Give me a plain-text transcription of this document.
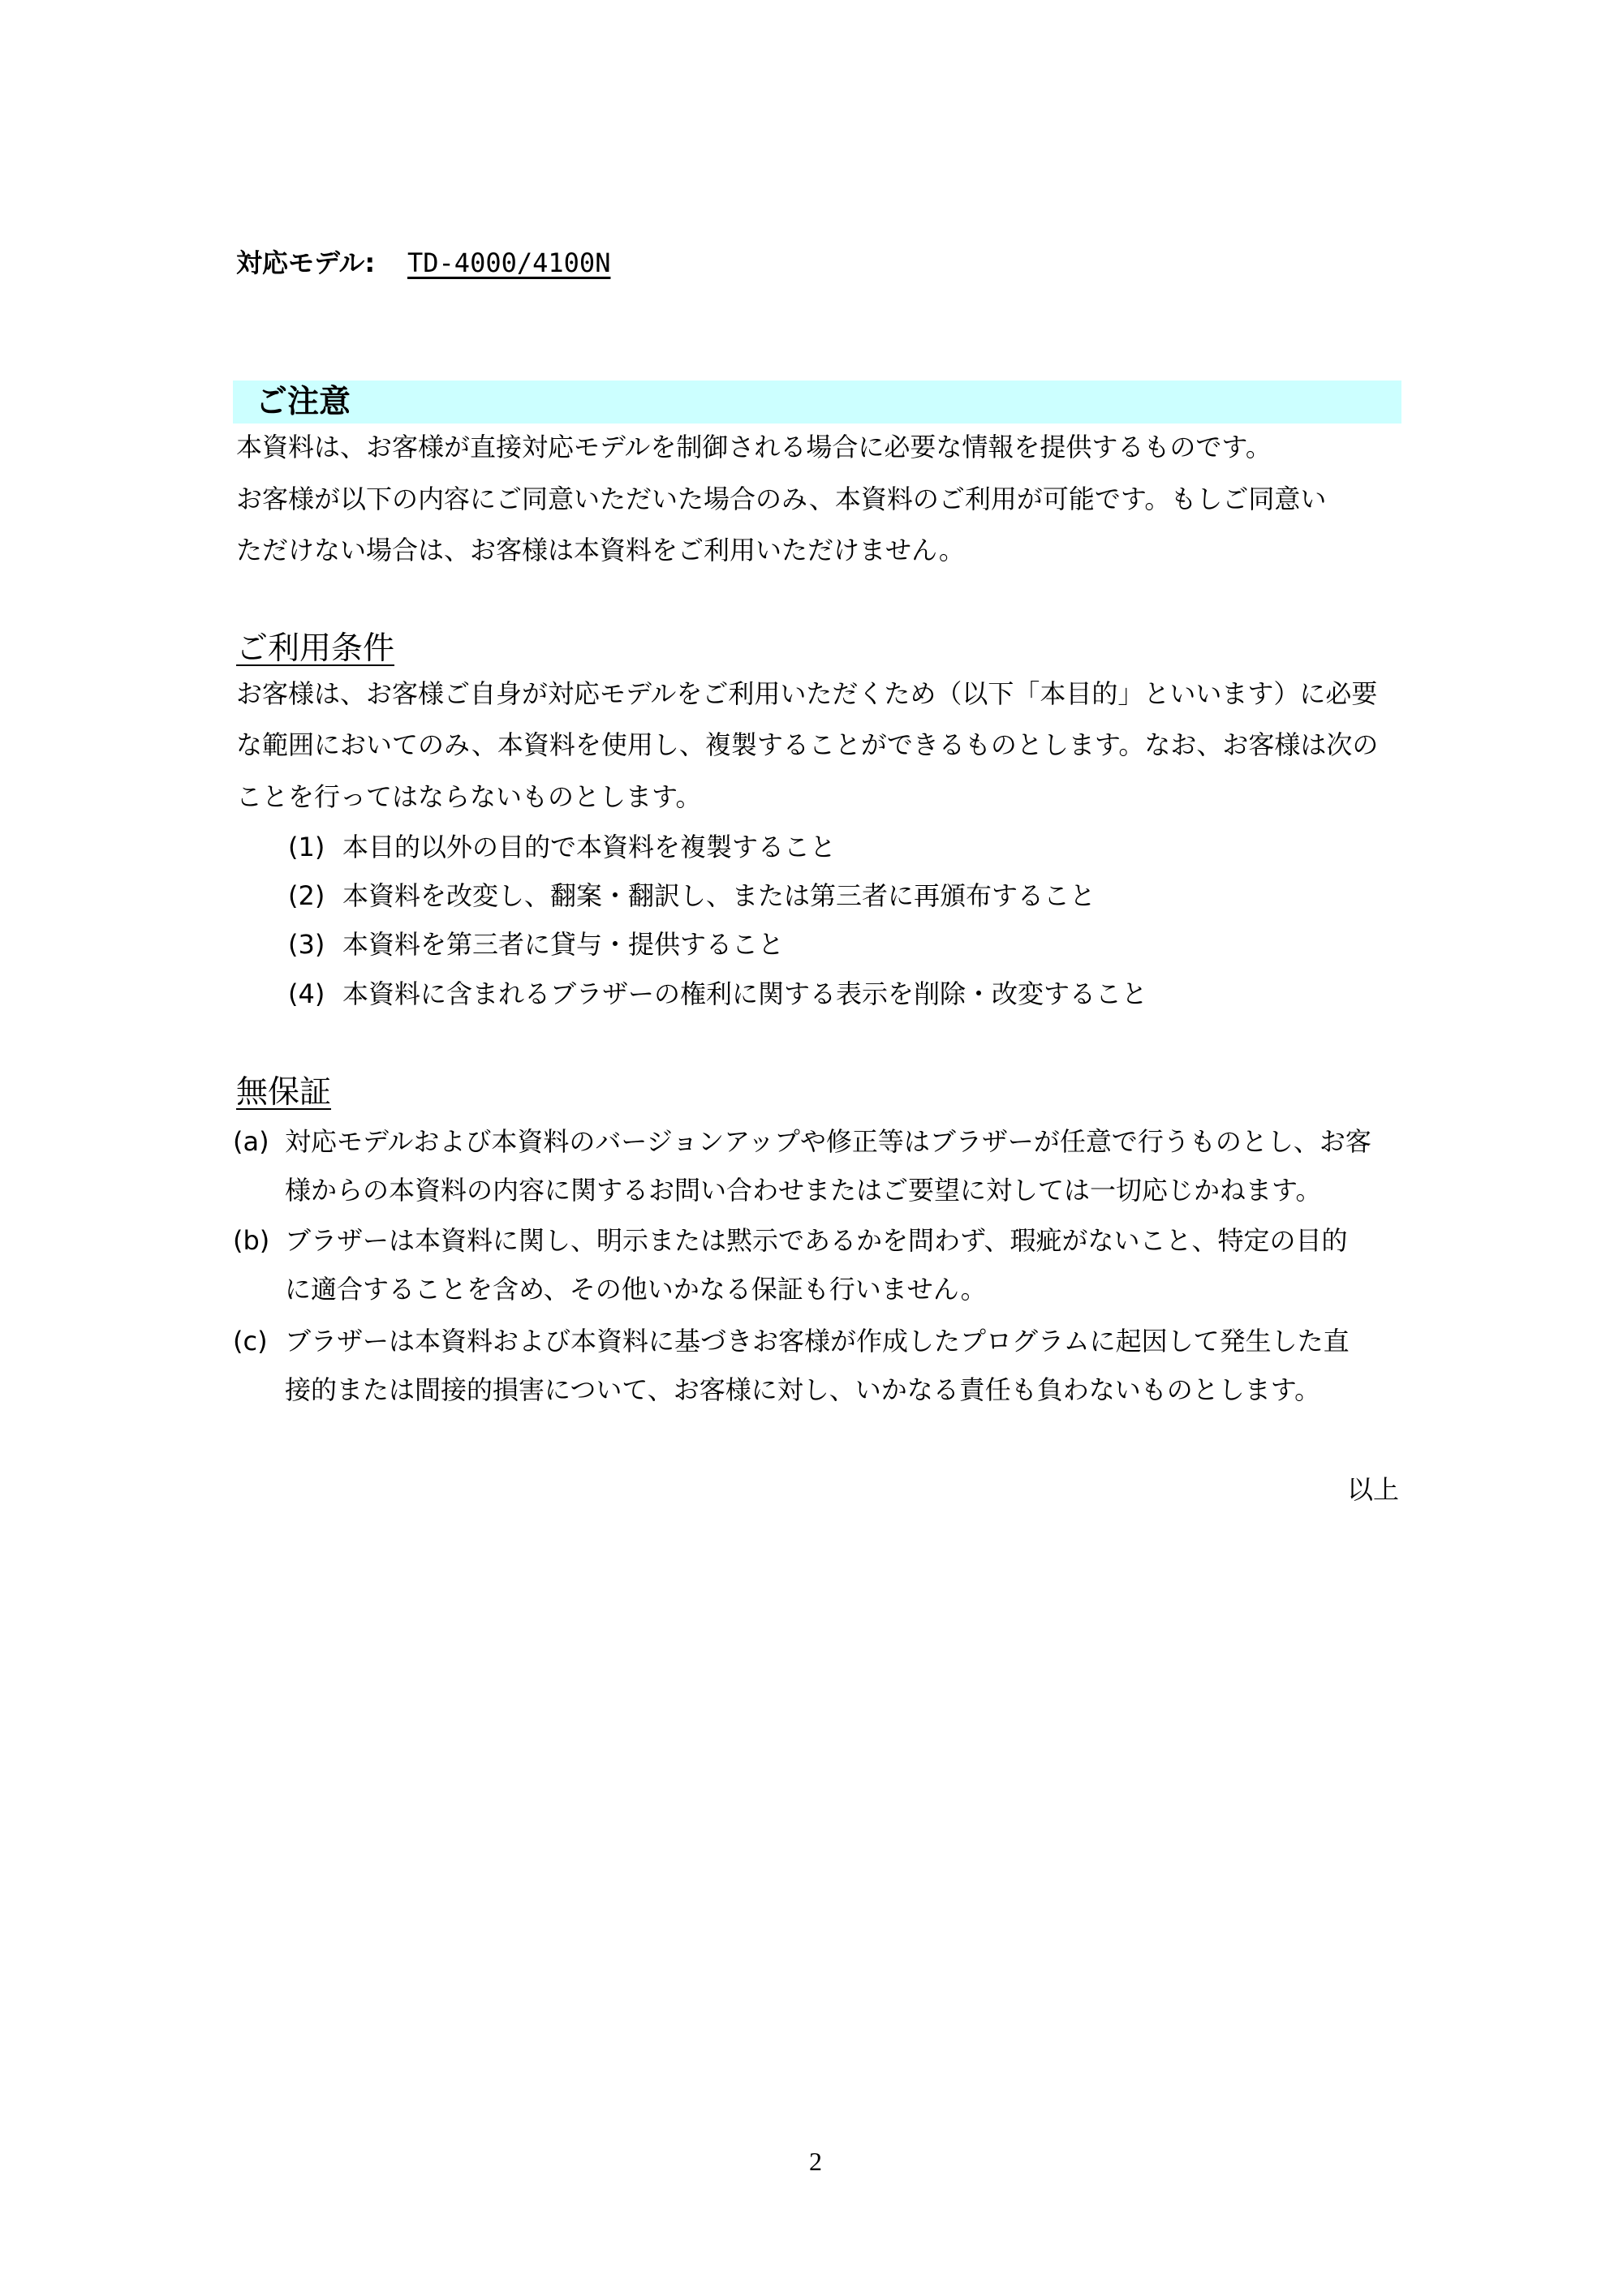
対応モデル: TD-4000/4100N
ご注意
本資料は、お客様が直接対応モデルを制御される場合に必要な情報を提供するものです。
お客様が以下の内容にご同意いただいた場合のみ、本資料のご利用が可能です。もしご同意い
ただけない場合は、お客様は本資料をご利用いただけません。
ご利用条件
お客様は、お客様ご自身が対応モデルをご利用いただくため（以下「本目的」といいます）に必要
な範囲においてのみ、本資料を使用し、複製することができるものとします。なお、お客様は次の
ことを行ってはならないものとします。
(1) 本目的以外の目的で本資料を複製すること
(2) 本資料を改変し、翻案・翻訳し、または第三者に再頒布すること
(3) 本資料を第三者に貸与・提供すること
(4) 本資料に含まれるブラザーの権利に関する表示を削除・改変すること
無保証
(a) 対応モデルおよび本資料のバージョンアップや修正等はブラザーが任意で行うものとし、お客
様からの本資料の内容に関するお問い合わせまたはご要望に対しては一切応じかねます。
(b) ブラザーは本資料に関し、明示または黙示であるかを問わず、瑕疵がないこと、特定の目的
に適合することを含め、その他いかなる保証も行いません。
(c) ブラザーは本資料および本資料に基づきお客様が作成したプログラムに起因して発生した直
接的または間接的損害について、お客様に対し、いかなる責任も負わないものとします。
以上
2
